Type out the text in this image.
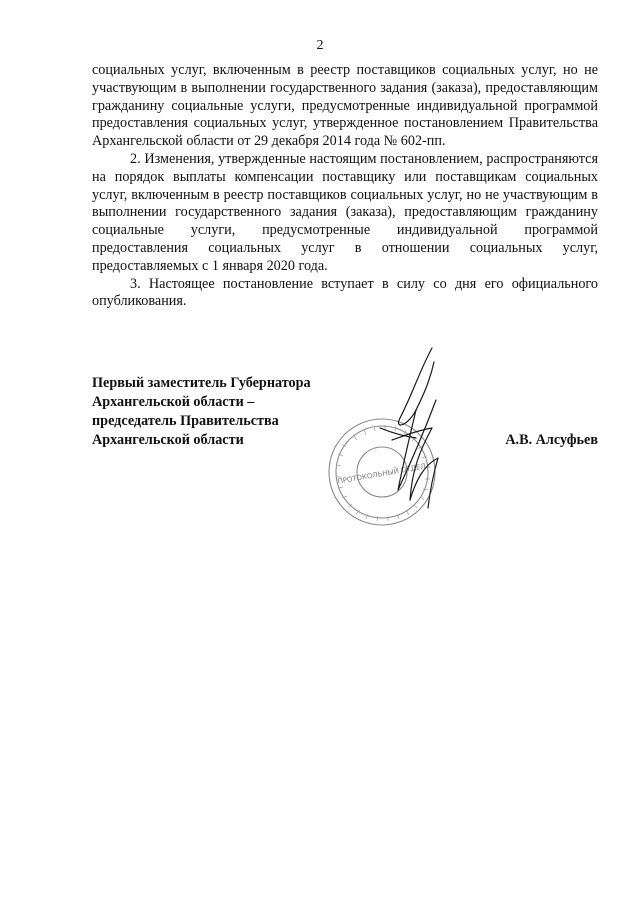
2

социальных услуг, включенным в реестр поставщиков социальных услуг, но не участвующим в выполнении государственного задания (заказа), предоставляющим гражданину социальные услуги, предусмотренные индивидуальной программой предоставления социальных услуг, утвержденное постановлением Правительства Архангельской области от 29 декабря 2014 года № 602-пп.

2. Изменения, утвержденные настоящим постановлением, распространяются на порядок выплаты компенсации поставщику или поставщикам социальных услуг, включенным в реестр поставщиков социальных услуг, но не участвующим в выполнении государственного задания (заказа), предоставляющим гражданину социальные услуги, предусмотренные индивидуальной программой предоставления социальных услуг в отношении социальных услуг, предоставляемых с 1 января 2020 года.

3. Настоящее постановление вступает в силу со дня его официального опубликования.

Первый заместитель Губернатора
Архангельской области –
председатель Правительства
Архангельской области	А.В. Алсуфьев
ПРОТОКОЛЬНЫЙ ОТДЕЛ
